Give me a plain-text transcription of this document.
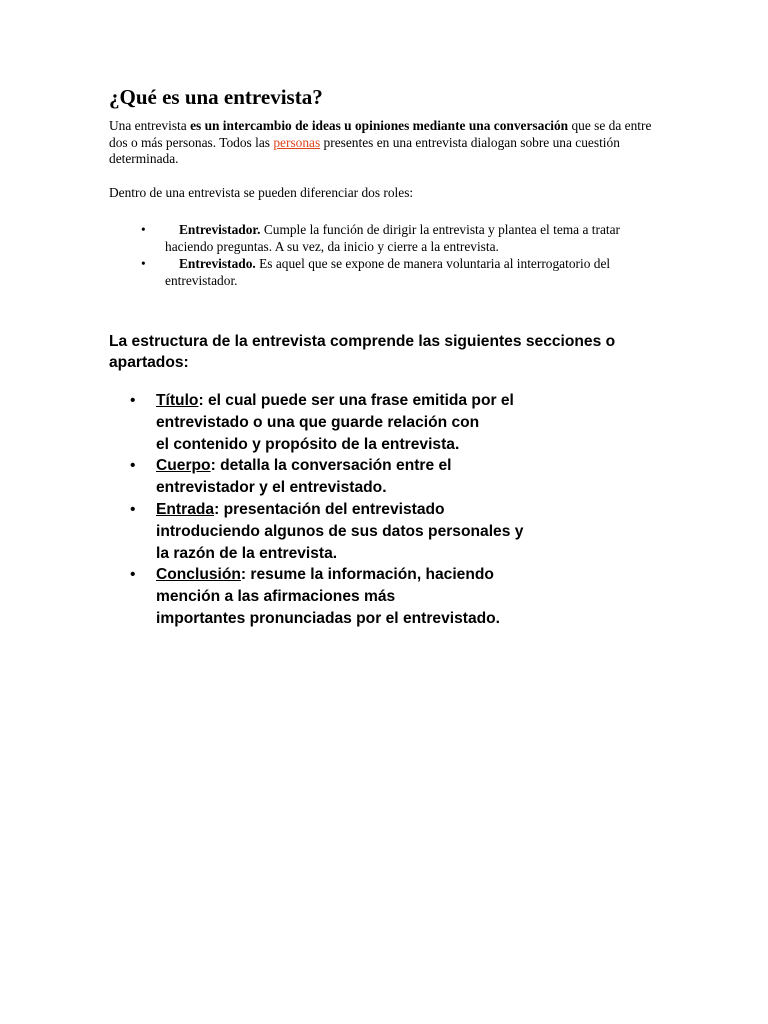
¿Qué es una entrevista?

Una entrevista es un intercambio de ideas u opiniones mediante una conversación que se da entre dos o más personas. Todos las personas presentes en una entrevista dialogan sobre una cuestión determinada.

Dentro de una entrevista se pueden diferenciar dos roles:

• Entrevistador. Cumple la función de dirigir la entrevista y plantea el tema a tratar haciendo preguntas. A su vez, da inicio y cierre a la entrevista.
• Entrevistado. Es aquel que se expone de manera voluntaria al interrogatorio del entrevistador.
La estructura de la entrevista comprende las siguientes secciones o apartados:
• Título: el cual puede ser una frase emitida por el
entrevistado o una que guarde relación con
el contenido y propósito de la entrevista.
• Cuerpo: detalla la conversación entre el
entrevistador y el entrevistado.
• Entrada: presentación del entrevistado
introduciendo algunos de sus datos personales y
la razón de la entrevista.
• Conclusión: resume la información, haciendo
mención a las afirmaciones más
importantes pronunciadas por el entrevistado.
